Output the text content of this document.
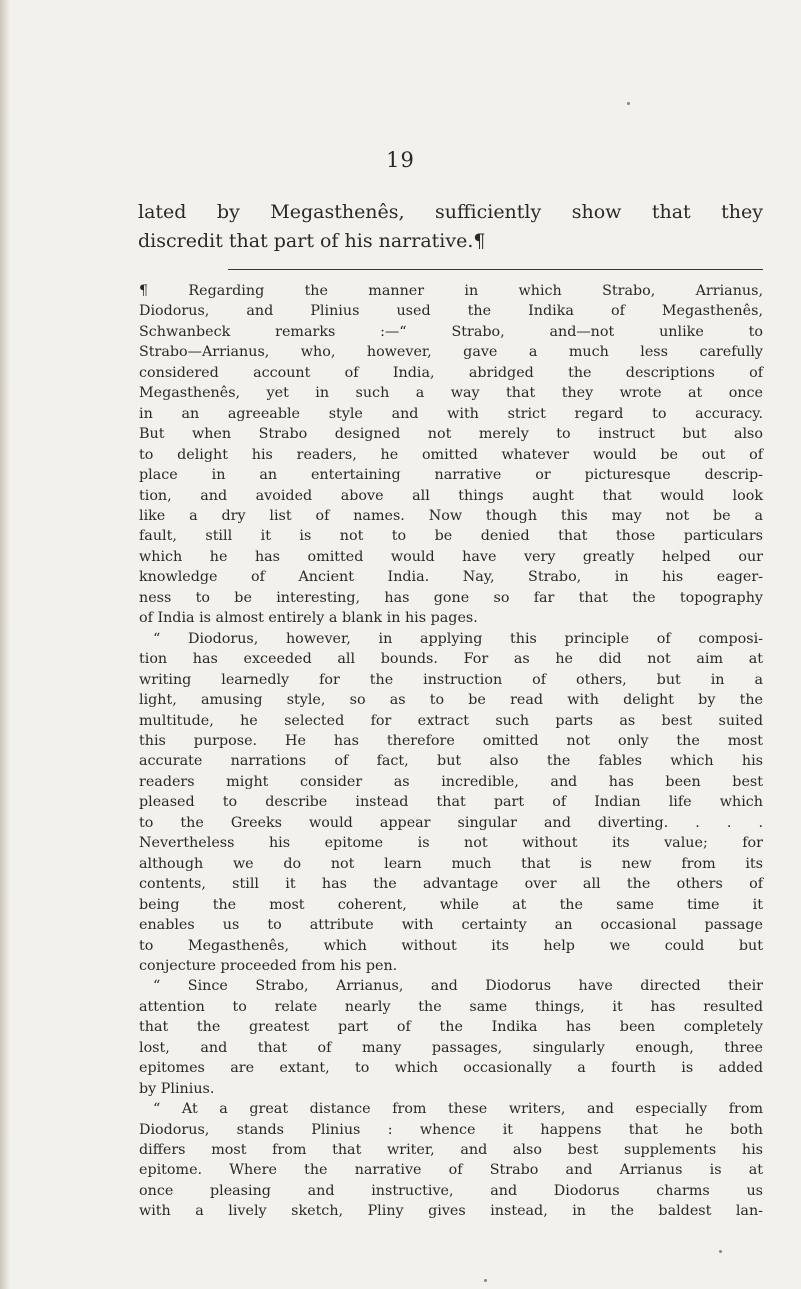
19
lated by Megasthenês, sufficiently show that they
discredit that part of his narrative.¶
¶ Regarding the manner in which Strabo, Arrianus,
Diodorus, and Plinius used the Indika of Megasthenês,
Schwanbeck remarks :—“ Strabo, and—not unlike to
Strabo—Arrianus, who, however, gave a much less carefully
considered account of India, abridged the descriptions of
Megasthenês, yet in such a way that they wrote at once
in an agreeable style and with strict regard to accuracy.
But when Strabo designed not merely to instruct but also
to delight his readers, he omitted whatever would be out of
place in an entertaining narrative or picturesque descrip-
tion, and avoided above all things aught that would look
like a dry list of names. Now though this may not be a
fault, still it is not to be denied that those particulars
which he has omitted would have very greatly helped our
knowledge of Ancient India. Nay, Strabo, in his eager-
ness to be interesting, has gone so far that the topography
of India is almost entirely a blank in his pages.
“ Diodorus, however, in applying this principle of composi-
tion has exceeded all bounds. For as he did not aim at
writing learnedly for the instruction of others, but in a
light, amusing style, so as to be read with delight by the
multitude, he selected for extract such parts as best suited
this purpose. He has therefore omitted not only the most
accurate narrations of fact, but also the fables which his
readers might consider as incredible, and has been best
pleased to describe instead that part of Indian life which
to the Greeks would appear singular and diverting. . . .
Nevertheless his epitome is not without its value; for
although we do not learn much that is new from its
contents, still it has the advantage over all the others of
being the most coherent, while at the same time it
enables us to attribute with certainty an occasional passage
to Megasthenês, which without its help we could but
conjecture proceeded from his pen.
“ Since Strabo, Arrianus, and Diodorus have directed their
attention to relate nearly the same things, it has resulted
that the greatest part of the Indika has been completely
lost, and that of many passages, singularly enough, three
epitomes are extant, to which occasionally a fourth is added
by Plinius.
“ At a great distance from these writers, and especially from
Diodorus, stands Plinius : whence it happens that he both
differs most from that writer, and also best supplements his
epitome. Where the narrative of Strabo and Arrianus is at
once pleasing and instructive, and Diodorus charms us
with a lively sketch, Pliny gives instead, in the baldest lan-
